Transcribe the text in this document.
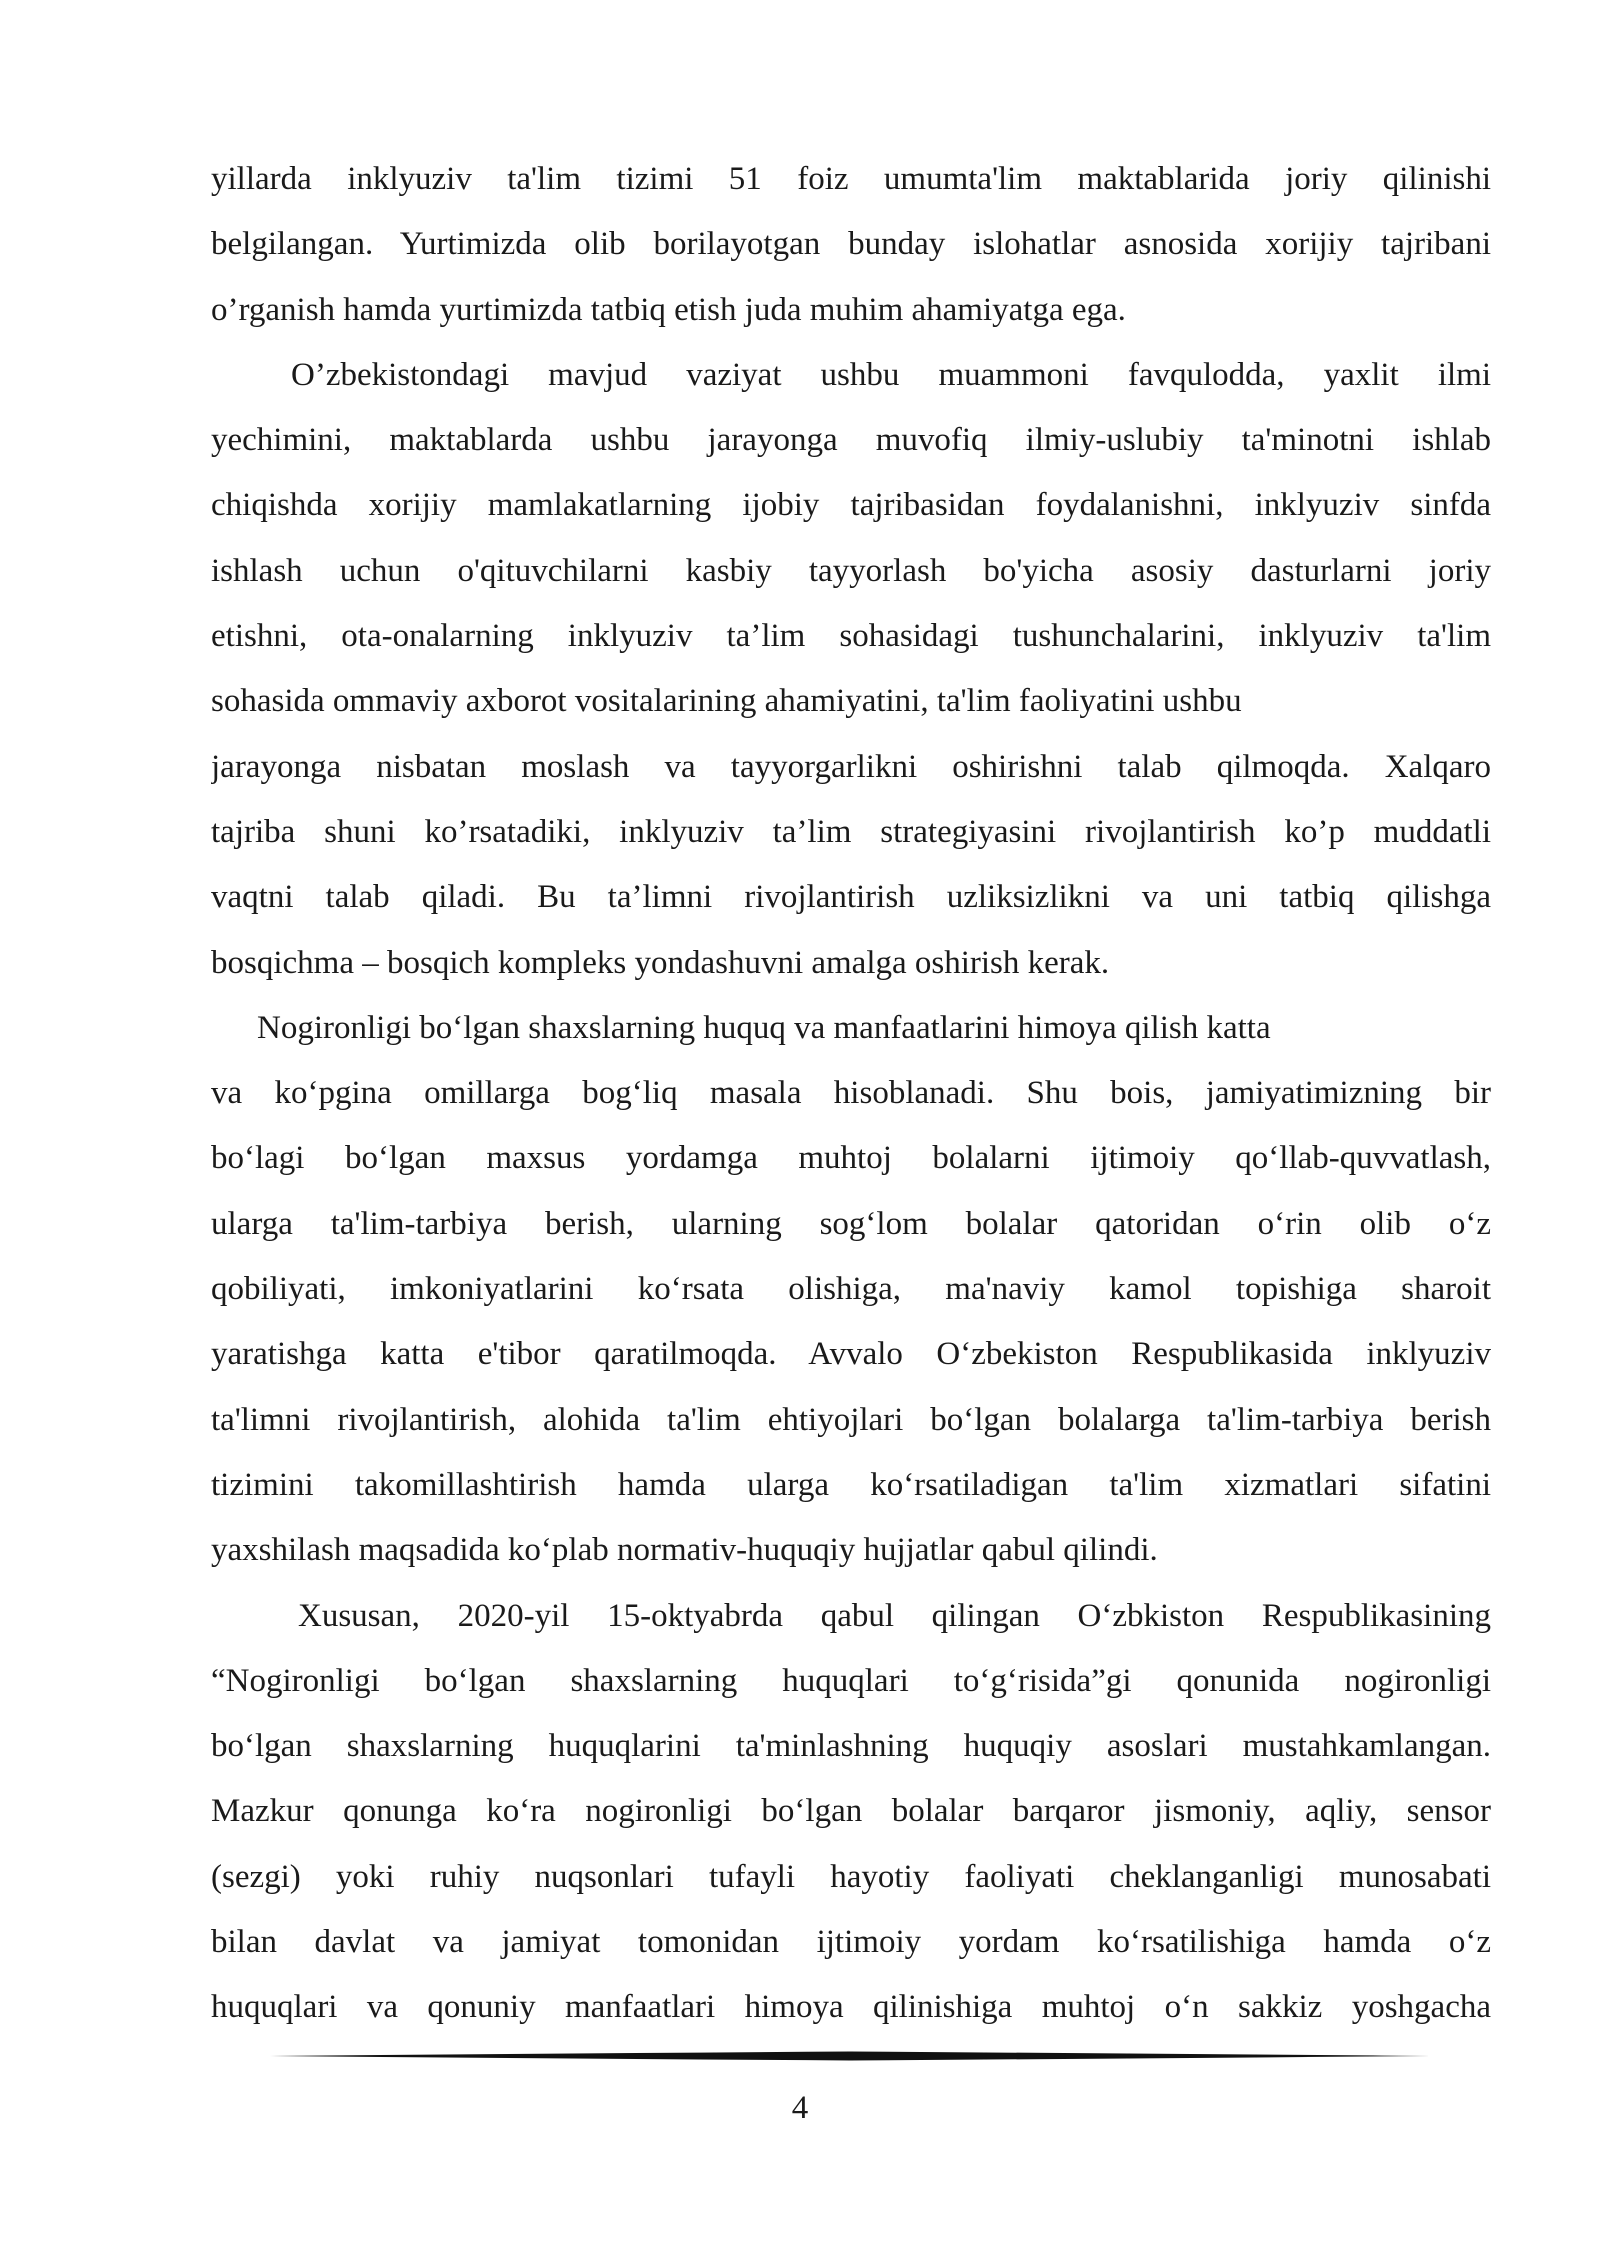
yillarda inklyuziv ta'lim tizimi 51 foiz umumta'lim maktablarida joriy qilinishi
belgilangan. Yurtimizda olib borilayotgan bunday islohatlar asnosida xorijiy tajribani
o’rganish hamda yurtimizda tatbiq etish juda muhim ahamiyatga ega.
O’zbekistondagi mavjud vaziyat ushbu muammoni favqulodda, yaxlit ilmi
yechimini, maktablarda ushbu jarayonga muvofiq ilmiy-uslubiy ta'minotni ishlab
chiqishda xorijiy mamlakatlarning ijobiy tajribasidan foydalanishni, inklyuziv sinfda
ishlash uchun o'qituvchilarni kasbiy tayyorlash bo'yicha asosiy dasturlarni joriy
etishni, ota-onalarning inklyuziv ta’lim sohasidagi tushunchalarini, inklyuziv ta'lim
sohasida ommaviy axborot vositalarining ahamiyatini, ta'lim faoliyatini ushbu
jarayonga nisbatan moslash va tayyorgarlikni oshirishni talab qilmoqda. Xalqaro
tajriba shuni ko’rsatadiki, inklyuziv ta’lim strategiyasini rivojlantirish ko’p muddatli
vaqtni talab qiladi. Bu ta’limni rivojlantirish uzliksizlikni va uni tatbiq qilishga
bosqichma – bosqich kompleks yondashuvni amalga oshirish kerak.
Nogironligi boʻlgan shaxslarning huquq va manfaatlarini himoya qilish katta
va koʻpgina omillarga bogʻliq masala hisoblanadi. Shu bois, jamiyatimizning bir
boʻlagi boʻlgan maxsus yordamga muhtoj bolalarni ijtimoiy qoʻllab-quvvatlash,
ularga ta'lim-tarbiya berish, ularning sogʻlom bolalar qatoridan oʻrin olib oʻz
qobiliyati, imkoniyatlarini koʻrsata olishiga, ma'naviy kamol topishiga sharoit
yaratishga katta e'tibor qaratilmoqda. Avvalo Oʻzbekiston Respublikasida inklyuziv
ta'limni rivojlantirish, alohida ta'lim ehtiyojlari boʻlgan bolalarga ta'lim-tarbiya berish
tizimini takomillashtirish hamda ularga koʻrsatiladigan ta'lim xizmatlari sifatini
yaxshilash maqsadida koʻplab normativ-huquqiy hujjatlar qabul qilindi.
Xususan, 2020-yil 15-oktyabrda qabul qilingan Oʻzbkiston Respublikasining
“Nogironligi boʻlgan shaxslarning huquqlari toʻgʻrisida”gi qonunida nogironligi
boʻlgan shaxslarning huquqlarini ta'minlashning huquqiy asoslari mustahkamlangan.
Mazkur qonunga koʻra nogironligi boʻlgan bolalar barqaror jismoniy, aqliy, sensor
(sezgi) yoki ruhiy nuqsonlari tufayli hayotiy faoliyati cheklanganligi munosabati
bilan davlat va jamiyat tomonidan ijtimoiy yordam koʻrsatilishiga hamda oʻz
huquqlari va qonuniy manfaatlari himoya qilinishiga muhtoj oʻn sakkiz yoshgacha
4
